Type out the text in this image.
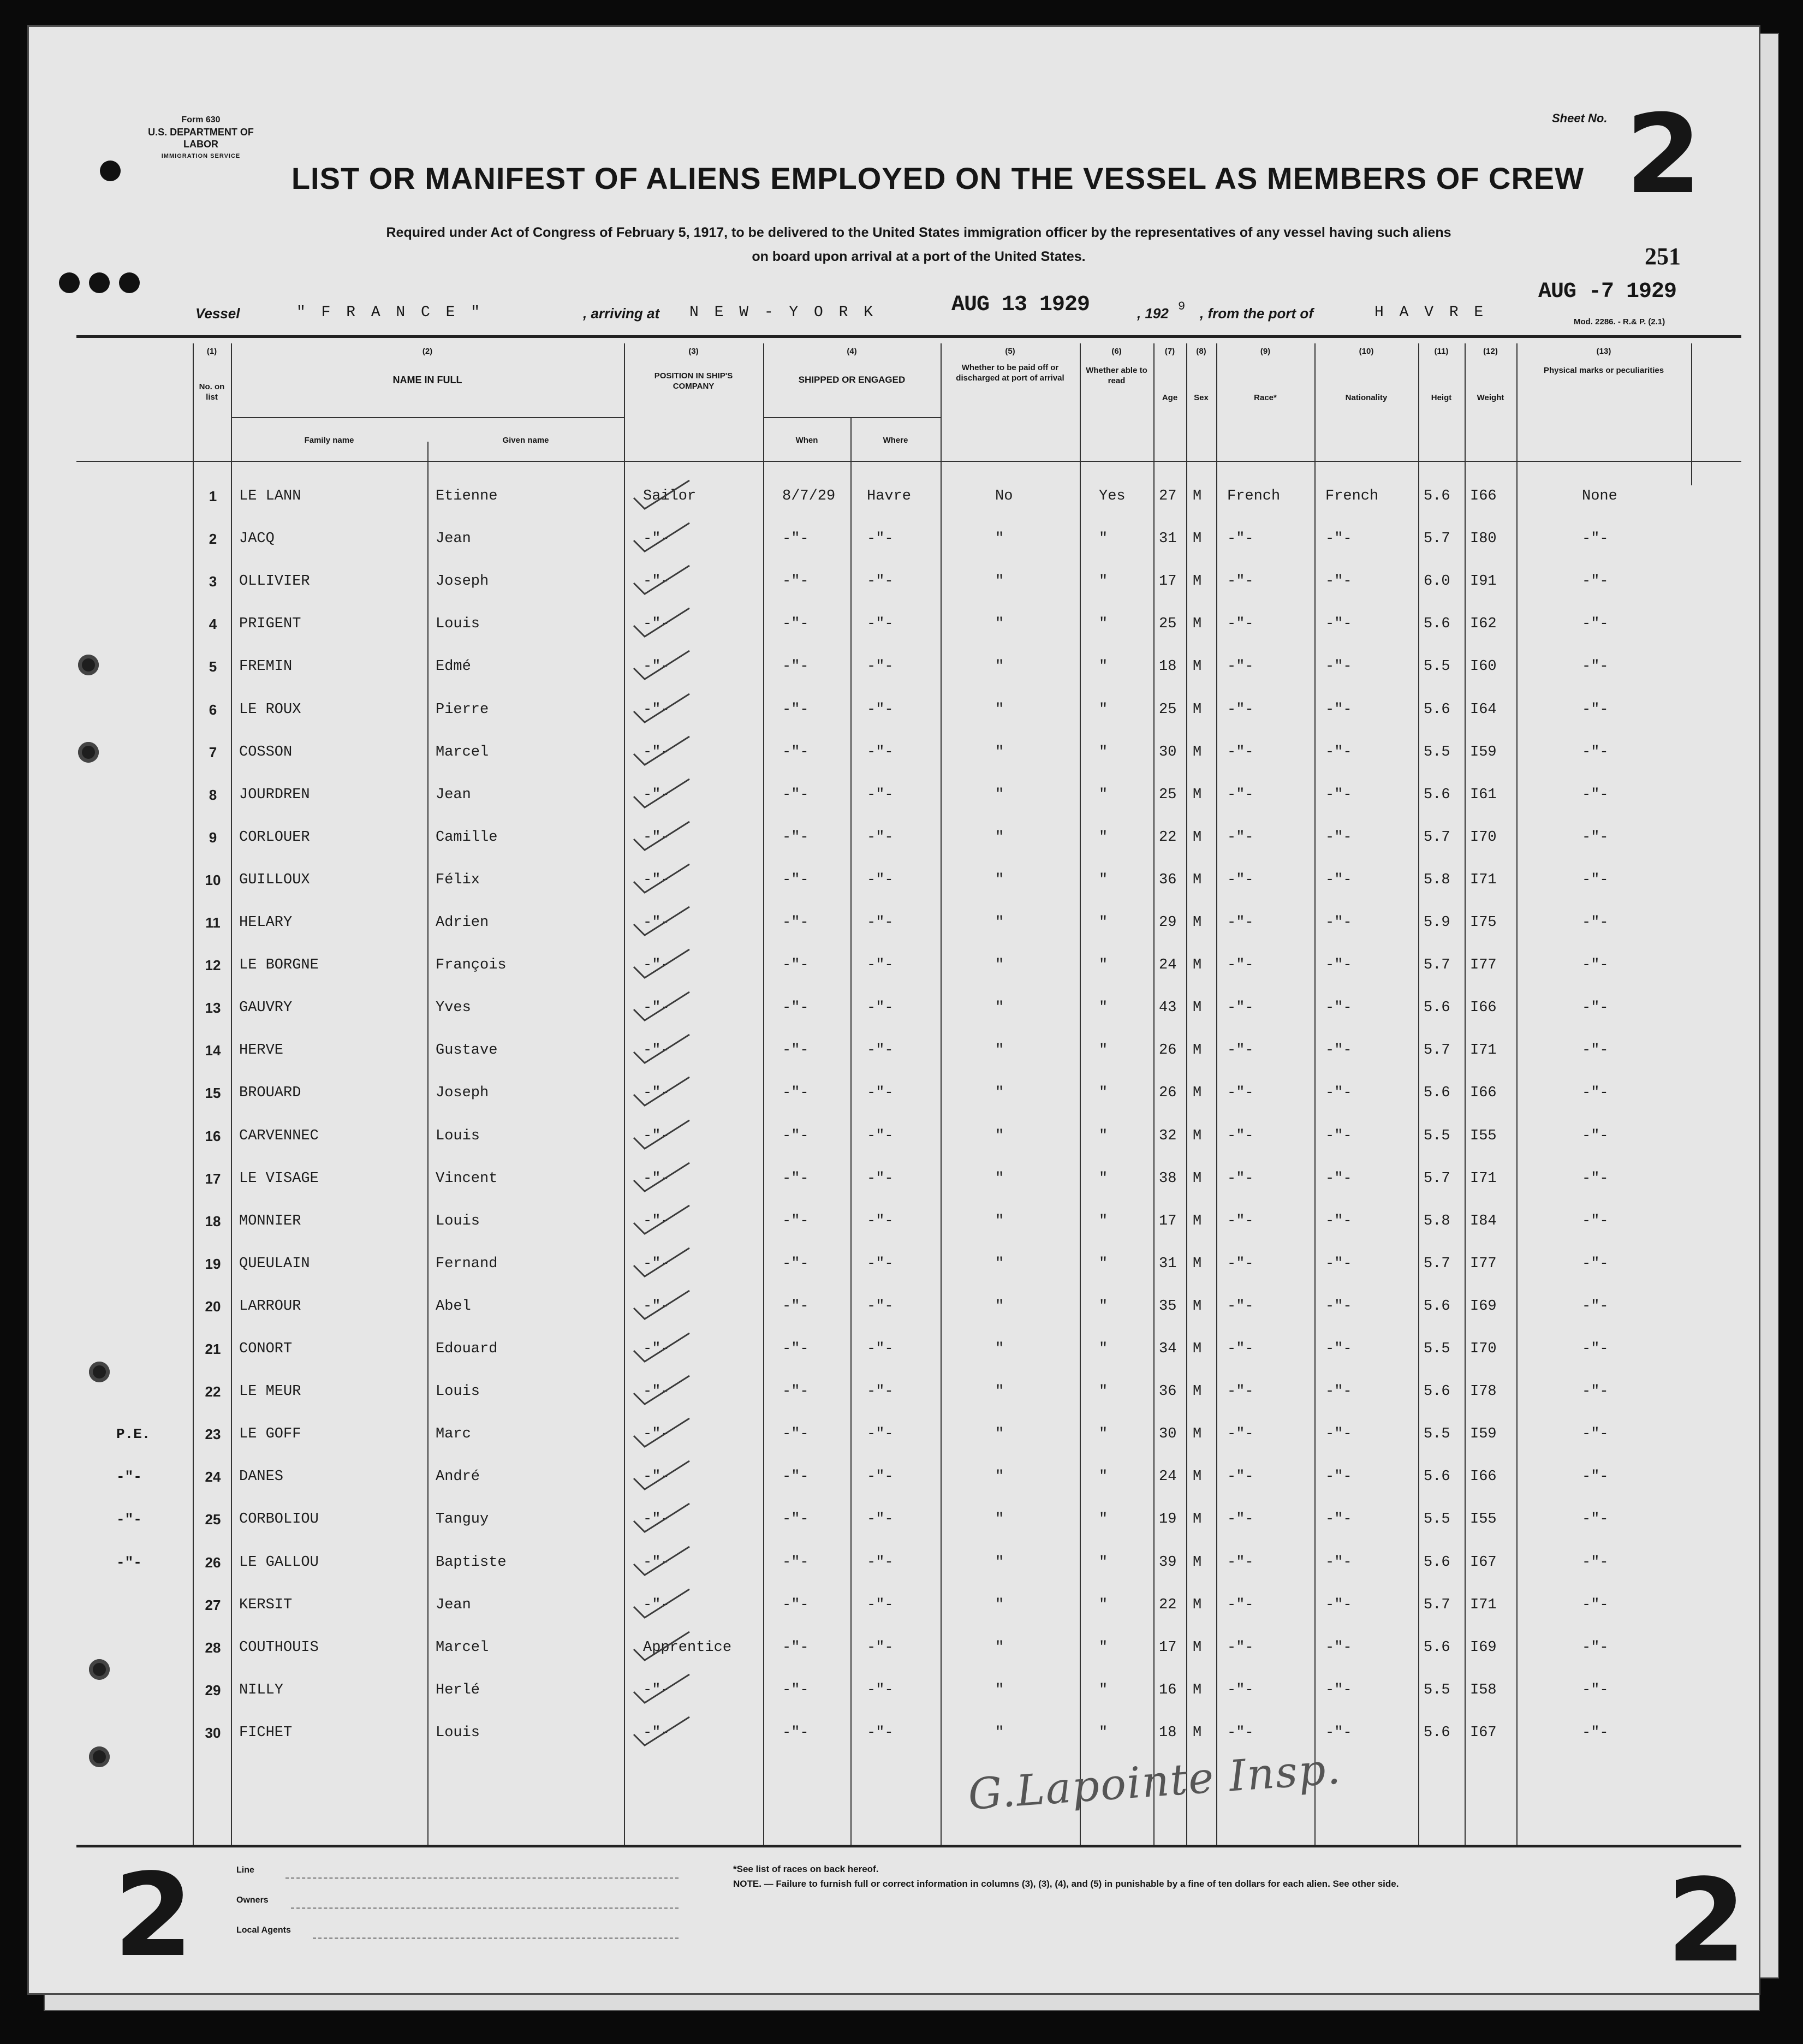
Form 630
U.S. DEPARTMENT OF LABOR
IMMIGRATION SERVICE
Sheet No. 2
LIST OR MANIFEST OF ALIENS EMPLOYED ON THE VESSEL AS MEMBERS OF CREW
Required under Act of Congress of February 5, 1917, to be delivered to the United States immigration officer by the representatives of any vessel having such aliens
on board upon arrival at a port of the United States.	251
Vessel	" F R A N C E "	, arriving at N E W - Y O R K	AUG 13 1929	, 192 9 , from the port of	H A V R E
AUG -7 1929
Mod. 2286. - R.& P. (2.1)
(1)
No. on list
(2)
NAME IN FULL
Family name	Given name
(3)
POSITION IN SHIP'S COMPANY
(4)
SHIPPED OR ENGAGED
When	Where
(5)
Whether to be paid off or discharged at port of arrival
(6)
Whether able to read
(7)
Age
(8)
Sex
(9)
Race*
(10)
Nationality
(11)
Heigt
(12)
Weight
(13)
Physical marks or peculiarities
1	LE LANN	Etienne	Sailor	8/7/29 Havre	No	Yes 27 M French	French	5.6 I66	None
2	JACQ	Jean	-"-	-"-	-"-	"	"	31 M -"-	-"-	5.7 I80	-"-
3	OLLIVIER	Joseph	-"-	-"-	-"-	"	"	17 M -"-	-"-	6.0 I91	-"-
4	PRIGENT	Louis	-"-	-"-	-"-	"	"	25 M -"-	-"-	5.6 I62	-"-
5	FREMIN	Edmé	-"-	-"-	-"-	"	"	18 M -"-	-"-	5.5 I60	-"-
6	LE ROUX	Pierre	-"-	-"-	-"-	"	"	25 M -"-	-"-	5.6 I64	-"-
7	COSSON	Marcel	-"-	-"-	-"-	"	"	30 M -"-	-"-	5.5 I59	-"-
8	JOURDREN	Jean	-"-	-"-	-"-	"	"	25 M -"-	-"-	5.6 I61	-"-
9	CORLOUER	Camille	-"-	-"-	-"-	"	"	22 M -"-	-"-	5.7 I70	-"-
10	GUILLOUX	Félix	-"-	-"-	-"-	"	"	36 M -"-	-"-	5.8 I71	-"-
11	HELARY	Adrien	-"-	-"-	-"-	"	"	29 M -"-	-"-	5.9 I75	-"-
12	LE BORGNE	François	-"-	-"-	-"-	"	"	24 M -"-	-"-	5.7 I77	-"-
13	GAUVRY	Yves	-"-	-"-	-"-	"	"	43 M -"-	-"-	5.6 I66	-"-
14	HERVE	Gustave	-"-	-"-	-"-	"	"	26 M -"-	-"-	5.7 I71	-"-
15	BROUARD	Joseph	-"-	-"-	-"-	"	"	26 M -"-	-"-	5.6 I66	-"-
16	CARVENNEC	Louis	-"-	-"-	-"-	"	"	32 M -"-	-"-	5.5 I55	-"-
17	LE VISAGE	Vincent	-"-	-"-	-"-	"	"	38 M -"-	-"-	5.7 I71	-"-
18	MONNIER	Louis	-"-	-"-	-"-	"	"	17 M -"-	-"-	5.8 I84	-"-
19	QUEULAIN	Fernand	-"-	-"-	-"-	"	"	31 M -"-	-"-	5.7 I77	-"-
20	LARROUR	Abel	-"-	-"-	-"-	"	"	35 M -"-	-"-	5.6 I69	-"-
21	CONORT	Edouard	-"-	-"-	-"-	"	"	34 M -"-	-"-	5.5 I70	-"-
22	LE MEUR	Louis	-"-	-"-	-"-	"	"	36 M -"-	-"-	5.6 I78	-"-
23	LE GOFF	Marc	-"-	-"-	-"-	"	"	30 M -"-	-"-	5.5 I59	-"-
P.E.
24	DANES	André	-"-	-"-	-"-	"	"	24 M -"-	-"-	5.6 I66	-"-
-"-
25	CORBOLIOU	Tanguy	-"-	-"-	-"-	"	"	19 M -"-	-"-	5.5 I55	-"-
-"-
26	LE GALLOU	Baptiste	-"-	-"-	-"-	"	"	39 M -"-	-"-	5.6 I67	-"-
-"-
27	KERSIT	Jean	-"-	-"-	-"-	"	"	22 M -"-	-"-	5.7 I71	-"-
28	COUTHOUIS	Marcel	Apprentice	-"-	-"-	"	"	17 M -"-	-"-	5.6 I69	-"-
29	NILLY	Herlé	-"-	-"-	-"-	"	"	16 M -"-	-"-	5.5 I58	-"-
30	FICHET	Louis	-"-	-"-	-"-	"	"	18 M -"-	-"-	5.6 I67	-"-
G.Lapointe Insp.
2	2
Line
Owners
Local Agents
*See list of races on back hereof.
NOTE. — Failure to furnish full or correct information in columns (3), (3), (4), and (5) in punishable by a fine of ten dollars for each alien. See other side.
